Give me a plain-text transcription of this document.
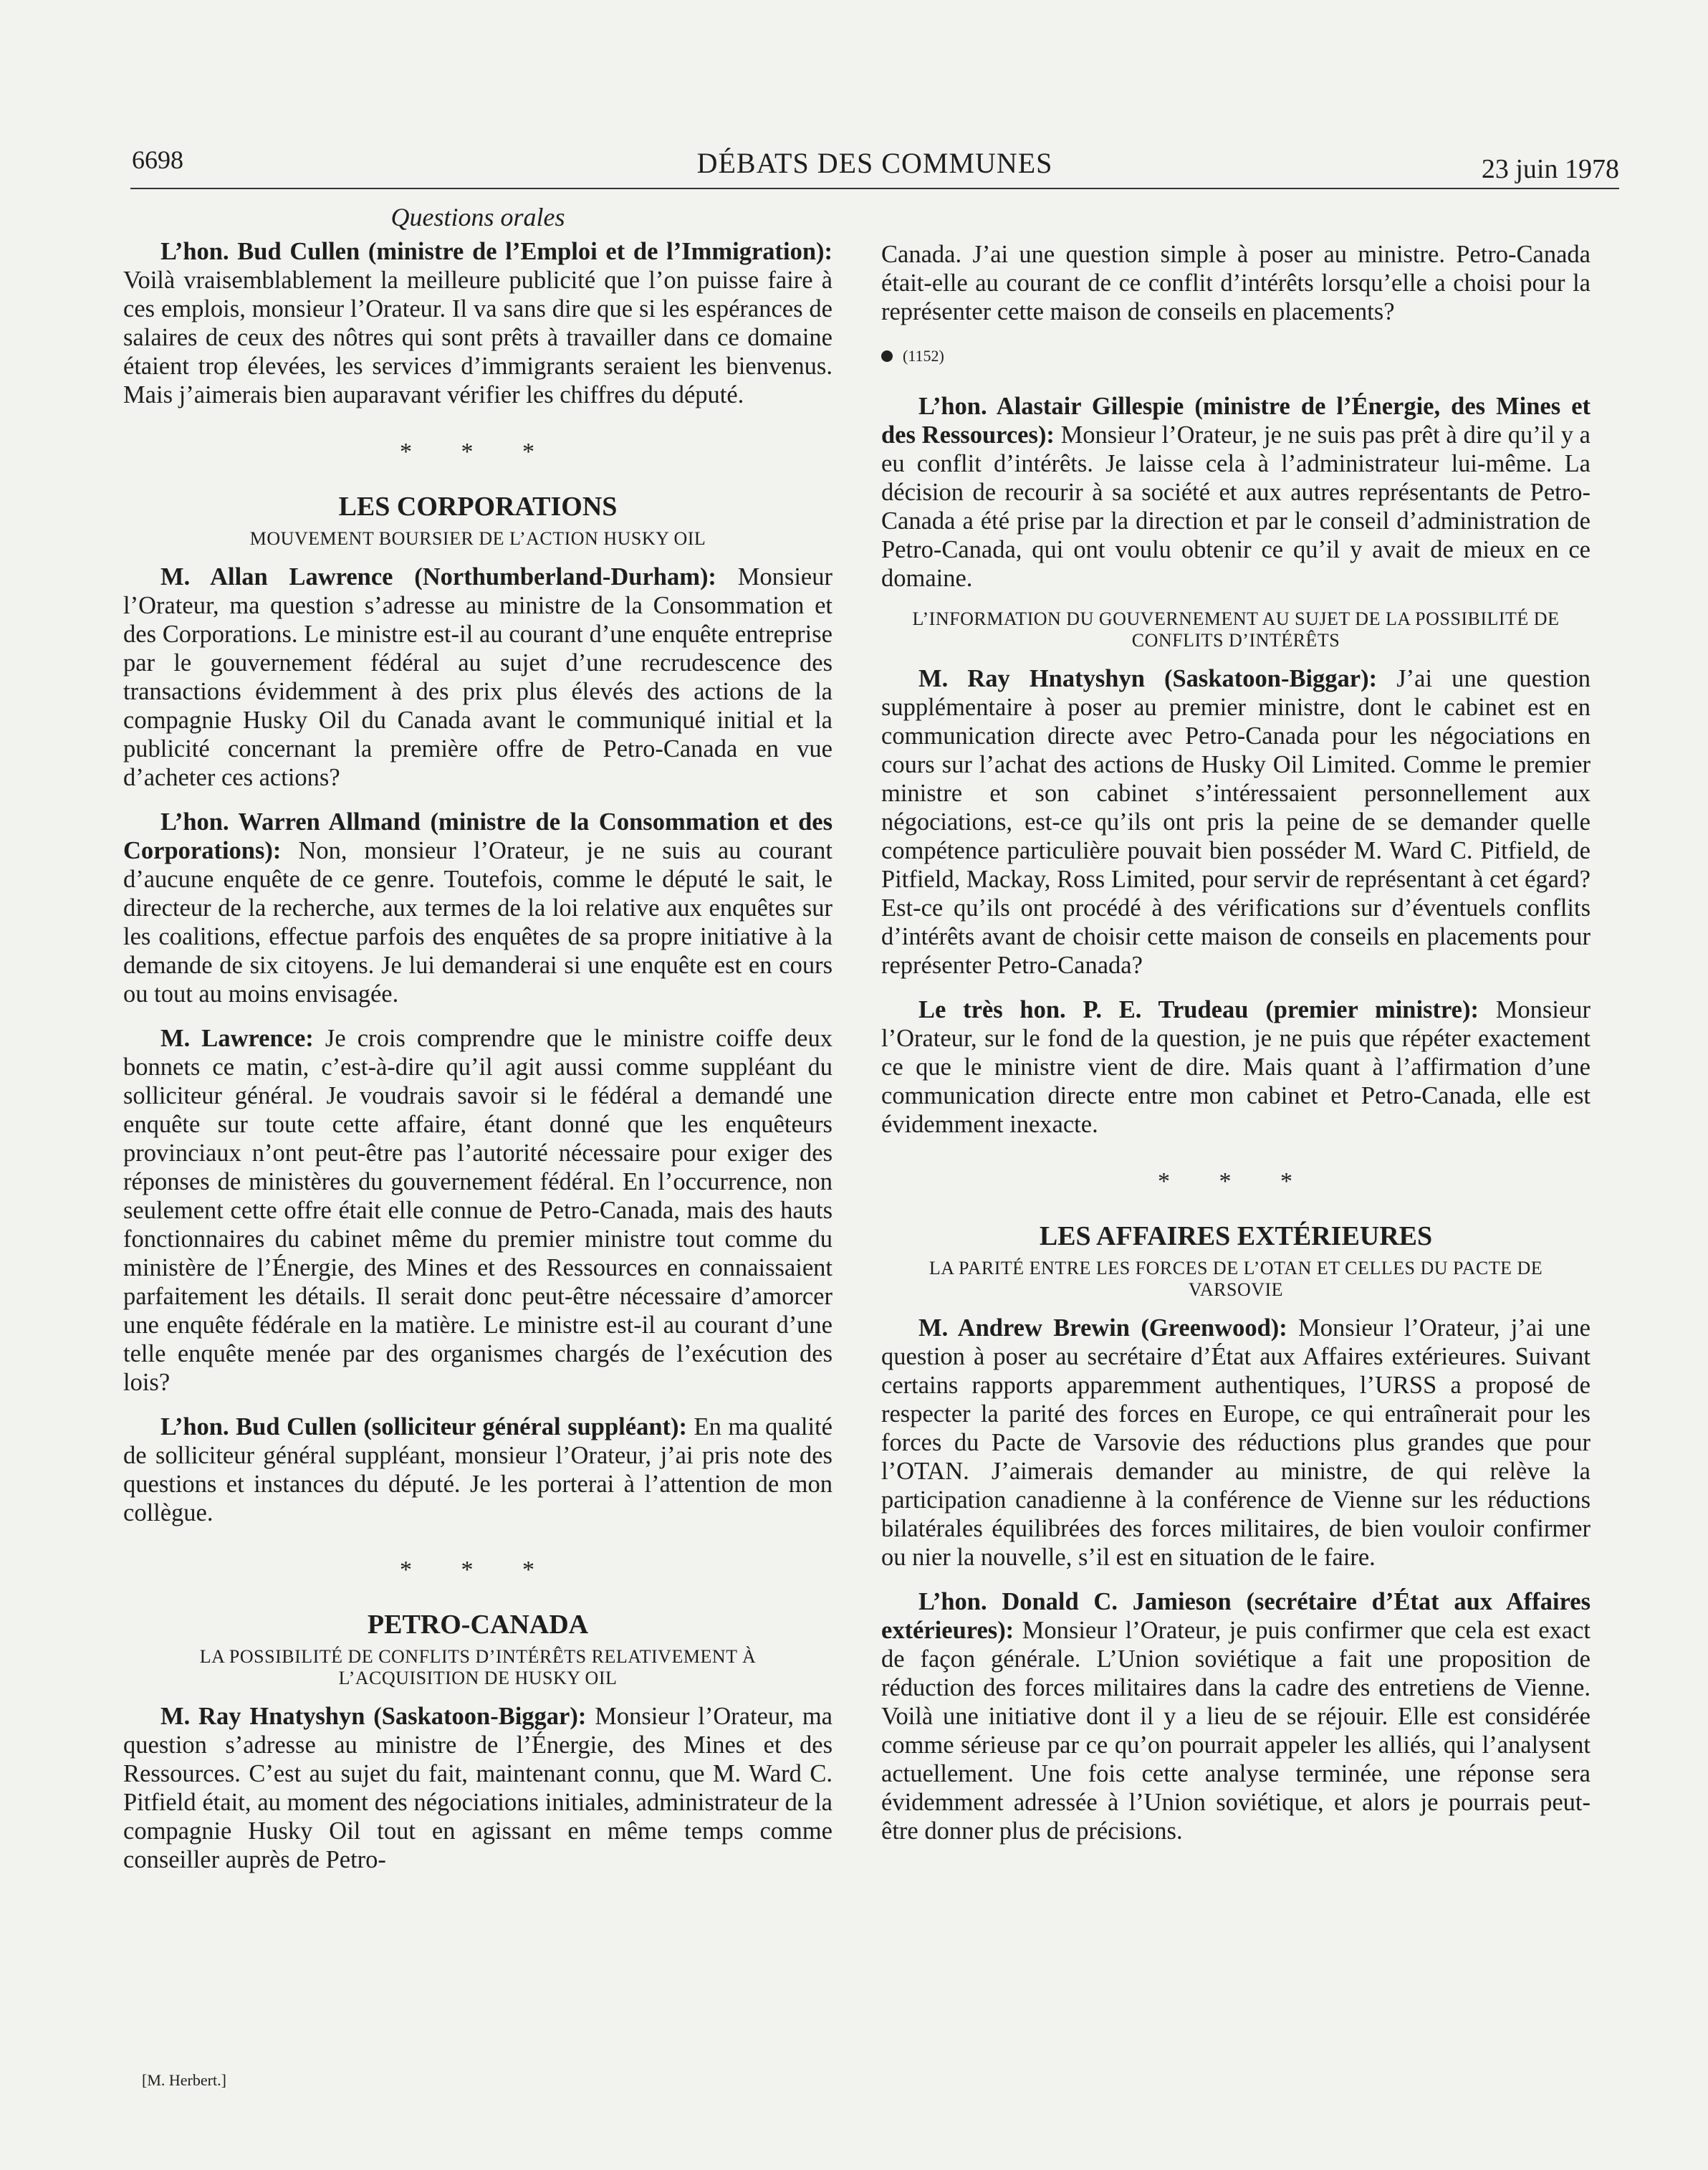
6698	DÉBATS DES COMMUNES	23 juin 1978
Questions orales

L’hon. Bud Cullen (ministre de l’Emploi et de l’Immigration): Voilà vraisemblablement la meilleure publicité que l’on puisse faire à ces emplois, monsieur l’Orateur. Il va sans dire que si les espérances de salaires de ceux des nôtres qui sont prêts à travailler dans ce domaine étaient trop élevées, les services d’immigrants seraient les bienvenus. Mais j’aimerais bien auparavant vérifier les chiffres du député.

* * *
LES CORPORATIONS
MOUVEMENT BOURSIER DE L’ACTION HUSKY OIL

M. Allan Lawrence (Northumberland-Durham): Monsieur l’Orateur, ma question s’adresse au ministre de la Consommation et des Corporations. Le ministre est-il au courant d’une enquête entreprise par le gouvernement fédéral au sujet d’une recrudescence des transactions évidemment à des prix plus élevés des actions de la compagnie Husky Oil du Canada avant le communiqué initial et la publicité concernant la première offre de Petro-Canada en vue d’acheter ces actions?

L’hon. Warren Allmand (ministre de la Consommation et des Corporations): Non, monsieur l’Orateur, je ne suis au courant d’aucune enquête de ce genre. Toutefois, comme le député le sait, le directeur de la recherche, aux termes de la loi relative aux enquêtes sur les coalitions, effectue parfois des enquêtes de sa propre initiative à la demande de six citoyens. Je lui demanderai si une enquête est en cours ou tout au moins envisagée.

M. Lawrence: Je crois comprendre que le ministre coiffe deux bonnets ce matin, c’est-à-dire qu’il agit aussi comme suppléant du solliciteur général. Je voudrais savoir si le fédéral a demandé une enquête sur toute cette affaire, étant donné que les enquêteurs provinciaux n’ont peut-être pas l’autorité nécessaire pour exiger des réponses de ministères du gouvernement fédéral. En l’occurrence, non seulement cette offre était elle connue de Petro-Canada, mais des hauts fonctionnaires du cabinet même du premier ministre tout comme du ministère de l’Énergie, des Mines et des Ressources en connaissaient parfaitement les détails. Il serait donc peut-être nécessaire d’amorcer une enquête fédérale en la matière. Le ministre est-il au courant d’une telle enquête menée par des organismes chargés de l’exécution des lois?

L’hon. Bud Cullen (solliciteur général suppléant): En ma qualité de solliciteur général suppléant, monsieur l’Orateur, j’ai pris note des questions et instances du député. Je les porterai à l’attention de mon collègue.

* * *
PETRO-CANADA
LA POSSIBILITÉ DE CONFLITS D’INTÉRÊTS RELATIVEMENT À L’ACQUISITION DE HUSKY OIL

M. Ray Hnatyshyn (Saskatoon-Biggar): Monsieur l’Orateur, ma question s’adresse au ministre de l’Énergie, des Mines et des Ressources. C’est au sujet du fait, maintenant connu, que M. Ward C. Pitfield était, au moment des négociations initiales, administrateur de la compagnie Husky Oil tout en agissant en même temps comme conseiller auprès de Petro-

Canada. J’ai une question simple à poser au ministre. Petro-Canada était-elle au courant de ce conflit d’intérêts lorsqu’elle a choisi pour la représenter cette maison de conseils en placements?

(1152)

L’hon. Alastair Gillespie (ministre de l’Énergie, des Mines et des Ressources): Monsieur l’Orateur, je ne suis pas prêt à dire qu’il y a eu conflit d’intérêts. Je laisse cela à l’administrateur lui-même. La décision de recourir à sa société et aux autres représentants de Petro-Canada a été prise par la direction et par le conseil d’administration de Petro-Canada, qui ont voulu obtenir ce qu’il y avait de mieux en ce domaine.

L’INFORMATION DU GOUVERNEMENT AU SUJET DE LA POSSIBILITÉ DE CONFLITS D’INTÉRÊTS

M. Ray Hnatyshyn (Saskatoon-Biggar): J’ai une question supplémentaire à poser au premier ministre, dont le cabinet est en communication directe avec Petro-Canada pour les négociations en cours sur l’achat des actions de Husky Oil Limited. Comme le premier ministre et son cabinet s’intéressaient personnellement aux négociations, est-ce qu’ils ont pris la peine de se demander quelle compétence particulière pouvait bien posséder M. Ward C. Pitfield, de Pitfield, Mackay, Ross Limited, pour servir de représentant à cet égard? Est-ce qu’ils ont procédé à des vérifications sur d’éventuels conflits d’intérêts avant de choisir cette maison de conseils en placements pour représenter Petro-Canada?

Le très hon. P. E. Trudeau (premier ministre): Monsieur l’Orateur, sur le fond de la question, je ne puis que répéter exactement ce que le ministre vient de dire. Mais quant à l’affirmation d’une communication directe entre mon cabinet et Petro-Canada, elle est évidemment inexacte.

* * *
LES AFFAIRES EXTÉRIEURES
LA PARITÉ ENTRE LES FORCES DE L’OTAN ET CELLES DU PACTE DE VARSOVIE

M. Andrew Brewin (Greenwood): Monsieur l’Orateur, j’ai une question à poser au secrétaire d’État aux Affaires extérieures. Suivant certains rapports apparemment authentiques, l’URSS a proposé de respecter la parité des forces en Europe, ce qui entraînerait pour les forces du Pacte de Varsovie des réductions plus grandes que pour l’OTAN. J’aimerais demander au ministre, de qui relève la participation canadienne à la conférence de Vienne sur les réductions bilatérales équilibrées des forces militaires, de bien vouloir confirmer ou nier la nouvelle, s’il est en situation de le faire.

L’hon. Donald C. Jamieson (secrétaire d’État aux Affaires extérieures): Monsieur l’Orateur, je puis confirmer que cela est exact de façon générale. L’Union soviétique a fait une proposition de réduction des forces militaires dans la cadre des entretiens de Vienne. Voilà une initiative dont il y a lieu de se réjouir. Elle est considérée comme sérieuse par ce qu’on pourrait appeler les alliés, qui l’analysent actuellement. Une fois cette analyse terminée, une réponse sera évidemment adressée à l’Union soviétique, et alors je pourrais peut-être donner plus de précisions.

[M. Herbert.]
